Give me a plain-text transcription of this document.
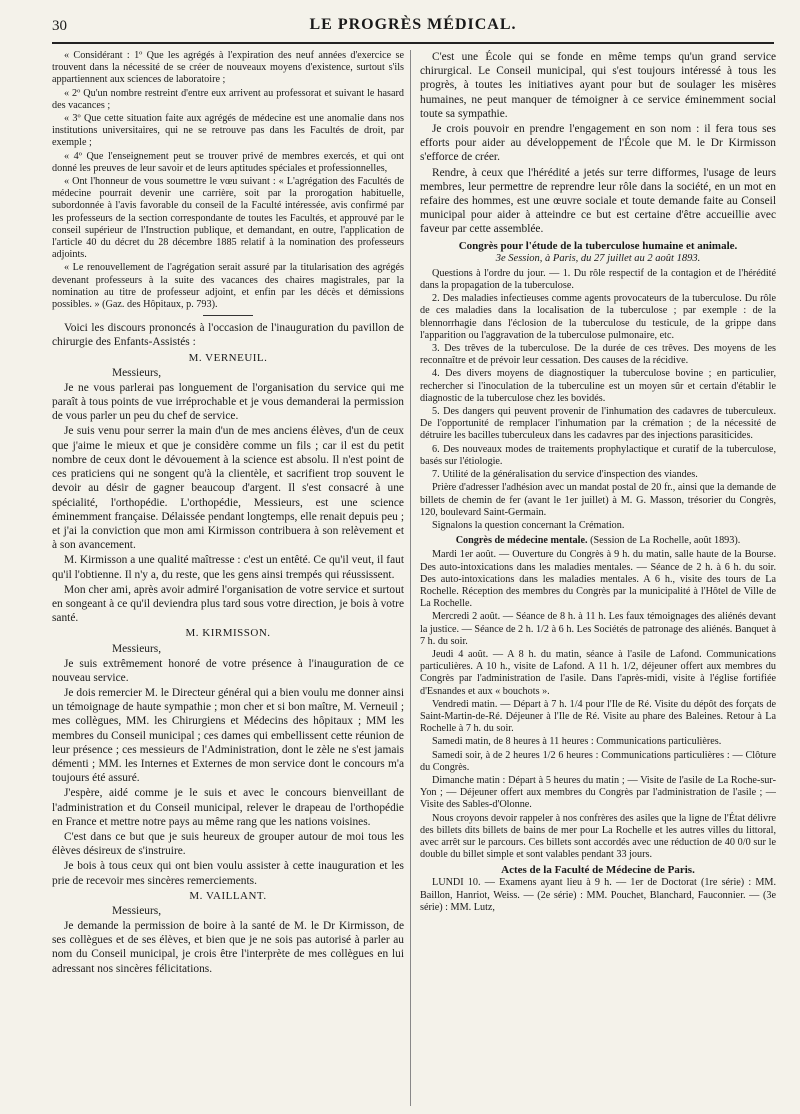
30	LE PROGRÈS MÉDICAL.

« Considérant : 1º Que les agrégés à l'expiration des neuf années d'exercice se trouvent dans la nécessité de se créer de nouveaux moyens d'existence, surtout s'ils appartiennent aux sciences de laboratoire ;

« 2º Qu'un nombre restreint d'entre eux arrivent au professorat et suivant le hasard des vacances ;

« 3º Que cette situation faite aux agrégés de médecine est une anomalie dans nos institutions universitaires, qui ne se retrouve pas dans les Facultés de droit, par exemple ;

« 4º Que l'enseignement peut se trouver privé de membres exercés, et qui ont donné les preuves de leur savoir et de leurs aptitudes spéciales et professionnelles,

« Ont l'honneur de vous soumettre le vœu suivant : « L'agrégation des Facultés de médecine pourrait devenir une carrière, soit par la prorogation habituelle, subordonnée à l'avis favorable du conseil de la Faculté intéressée, avis confirmé par les professeurs de la section correspondante de toutes les Facultés, et approuvé par le conseil supérieur de l'Instruction publique, et demandant, en outre, l'application de l'article 40 du décret du 28 décembre 1885 relatif à la nomination des professeurs adjoints.

« Le renouvellement de l'agrégation serait assuré par la titularisation des agrégés devenant professeurs à la suite des vacances des chaires magistrales, par la nomination au titre de professeur adjoint, et enfin par les décès et démissions possibles. » (Gaz. des Hôpitaux, p. 793).

Voici les discours prononcés à l'occasion de l'inauguration du pavillon de chirurgie des Enfants-Assistés :

M. VERNEUIL.
Messieurs,

Je ne vous parlerai pas longuement de l'organisation du service qui me paraît à tous points de vue irréprochable et je vous demanderai la permission de vous parler un peu du chef de service.

Je suis venu pour serrer la main d'un de mes anciens élèves, d'un de ceux que j'aime le mieux et que je considère comme un fils ; car il est du petit nombre de ceux dont le dévouement à la science est absolu. Il n'est point de ces praticiens qui ne songent qu'à la clientèle, et sacrifient trop souvent le devoir au désir de gagner beaucoup d'argent. Il s'est consacré à une spécialité, l'orthopédie. L'orthopédie, Messieurs, est une science éminemment française. Délaissée pendant longtemps, elle renait depuis peu ; et j'ai la conviction que mon ami Kirmisson contribuera à son relèvement et à son avancement.

M. Kirmisson a une qualité maîtresse : c'est un entêté. Ce qu'il veut, il faut qu'il l'obtienne. Il n'y a, du reste, que les gens ainsi trempés qui réussissent.

Mon cher ami, après avoir admiré l'organisation de votre service et surtout en songeant à ce qu'il deviendra plus tard sous votre direction, je bois à votre santé.

M. KIRMISSON.
Messieurs,

Je suis extrêmement honoré de votre présence à l'inauguration de ce nouveau service.

Je dois remercier M. le Directeur général qui a bien voulu me donner ainsi un témoignage de haute sympathie ; mon cher et si bon maître, M. Verneuil ; mes collègues, MM. les Chirurgiens et Médecins des hôpitaux ; MM les membres du Conseil municipal ; ces dames qui embellissent cette réunion de leur présence ; ces messieurs de l'Administration, dont le zèle ne s'est jamais démenti ; MM. les Internes et Externes de mon service dont le concours m'a toujours été assuré.

J'espère, aidé comme je le suis et avec le concours bienveillant de l'administration et du Conseil municipal, relever le drapeau de l'orthopédie en France et mettre notre pays au même rang que les nations voisines.

C'est dans ce but que je suis heureux de grouper autour de moi tous les élèves désireux de s'instruire.

Je bois à tous ceux qui ont bien voulu assister à cette inauguration et les prie de recevoir mes sincères remerciements.

M. VAILLANT.
Messieurs,

Je demande la permission de boire à la santé de M. le Dr Kirmisson, de ses collègues et de ses élèves, et bien que je ne sois pas autorisé à parler au nom du Conseil municipal, je crois être l'interprète de mes collègues en lui adressant nos sincères félicitations.

C'est une École qui se fonde en même temps qu'un grand service chirurgical. Le Conseil municipal, qui s'est toujours intéressé à tous les progrès, à toutes les initiatives ayant pour but de soulager les misères humaines, ne peut manquer de témoigner à ce service éminemment social toute sa sympathie.

Je crois pouvoir en prendre l'engagement en son nom : il fera tous ses efforts pour aider au développement de l'École que M. le Dr Kirmisson s'efforce de créer.

Rendre, à ceux que l'hérédité a jetés sur terre difformes, l'usage de leurs membres, leur permettre de reprendre leur rôle dans la société, en un mot en refaire des hommes, est une œuvre sociale et toute demande faite au Conseil municipal pour aider à atteindre ce but est certaine d'être accueillie avec faveur par cette assemblée.

Congrès pour l'étude de la tuberculose humaine et animale.
3e Session, à Paris, du 27 juillet au 2 août 1893.

Questions à l'ordre du jour. — 1. Du rôle respectif de la contagion et de l'hérédité dans la propagation de la tuberculose.

2. Des maladies infectieuses comme agents provocateurs de la tuberculose. Du rôle de ces maladies dans la localisation de la tuberculose ; par exemple : de la blennorrhagie dans l'éclosion de la tuberculose du testicule, de la grippe dans l'apparition ou l'aggravation de la tuberculose pulmonaire, etc.

3. Des trêves de la tuberculose. De la durée de ces trêves. Des moyens de les reconnaître et de prévoir leur cessation. Des causes de la récidive.

4. Des divers moyens de diagnostiquer la tuberculose bovine ; en particulier, rechercher si l'inoculation de la tuberculine est un moyen sûr et certain d'établir le diagnostic de la tuberculose chez les bovidés.

5. Des dangers qui peuvent provenir de l'inhumation des cadavres de tuberculeux. De l'opportunité de remplacer l'inhumation par la crémation ; de la nécessité de détruire les bacilles tuberculeux dans les cadavres par des injections parasiticides.

6. Des nouveaux modes de traitements prophylactique et curatif de la tuberculose, basés sur l'étiologie.

7. Utilité de la généralisation du service d'inspection des viandes.

Prière d'adresser l'adhésion avec un mandat postal de 20 fr., ainsi que la demande de billets de chemin de fer (avant le 1er juillet) à M. G. Masson, trésorier du Congrès, 120, boulevard Saint-Germain.

Signalons la question concernant la Crémation.

Congrès de médecine mentale. (Session de La Rochelle, août 1893).

Mardi 1er août. — Ouverture du Congrès à 9 h. du matin, salle haute de la Bourse. Des auto-intoxications dans les maladies mentales. — Séance de 2 h. à 6 h. du soir. Des auto-intoxications dans les maladies mentales. A 6 h., visite des tours de La Rochelle. Réception des membres du Congrès par la municipalité à l'Hôtel de Ville de La Rochelle.

Mercredi 2 août. — Séance de 8 h. à 11 h. Les faux témoignages des aliénés devant la justice. — Séance de 2 h. 1/2 à 6 h. Les Sociétés de patronage des aliénés. Banquet à 7 h. du soir.

Jeudi 4 août. — A 8 h. du matin, séance à l'asile de Lafond. Communications particulières. A 10 h., visite de Lafond. A 11 h. 1/2, déjeuner offert aux membres du Congrès par l'administration de l'asile. Dans l'après-midi, visite à l'église fortifiée d'Esnandes et aux « bouchots ».

Vendredi matin. — Départ à 7 h. 1/4 pour l'Ile de Ré. Visite du dépôt des forçats de Saint-Martin-de-Ré. Déjeuner à l'Ile de Ré. Visite au phare des Baleines. Retour à La Rochelle à 7 h. du soir.

Samedi matin, de 8 heures à 11 heures : Communications particulières.

Samedi soir, à de 2 heures 1/2 6 heures : Communications particulières : — Clôture du Congrès.

Dimanche matin : Départ à 5 heures du matin ; — Visite de l'asile de La Roche-sur-Yon ; — Déjeuner offert aux membres du Congrès par l'administration de l'asile ; — Visite des Sables-d'Olonne.

Nous croyons devoir rappeler à nos confrères des asiles que la ligne de l'État délivre des billets dits billets de bains de mer pour La Rochelle et les autres villes du littoral, avec arrêt sur le parcours. Ces billets sont accordés avec une réduction de 40 0/0 sur le double du billet simple et sont valables pendant 33 jours.

Actes de la Faculté de Médecine de Paris.

LUNDI 10. — Examens ayant lieu à 9 h. — 1er de Doctorat (1re série) : MM. Baillon, Hanriot, Weiss. — (2e série) : MM. Pouchet, Blanchard, Fauconnier. — (3e série) : MM. Lutz,
